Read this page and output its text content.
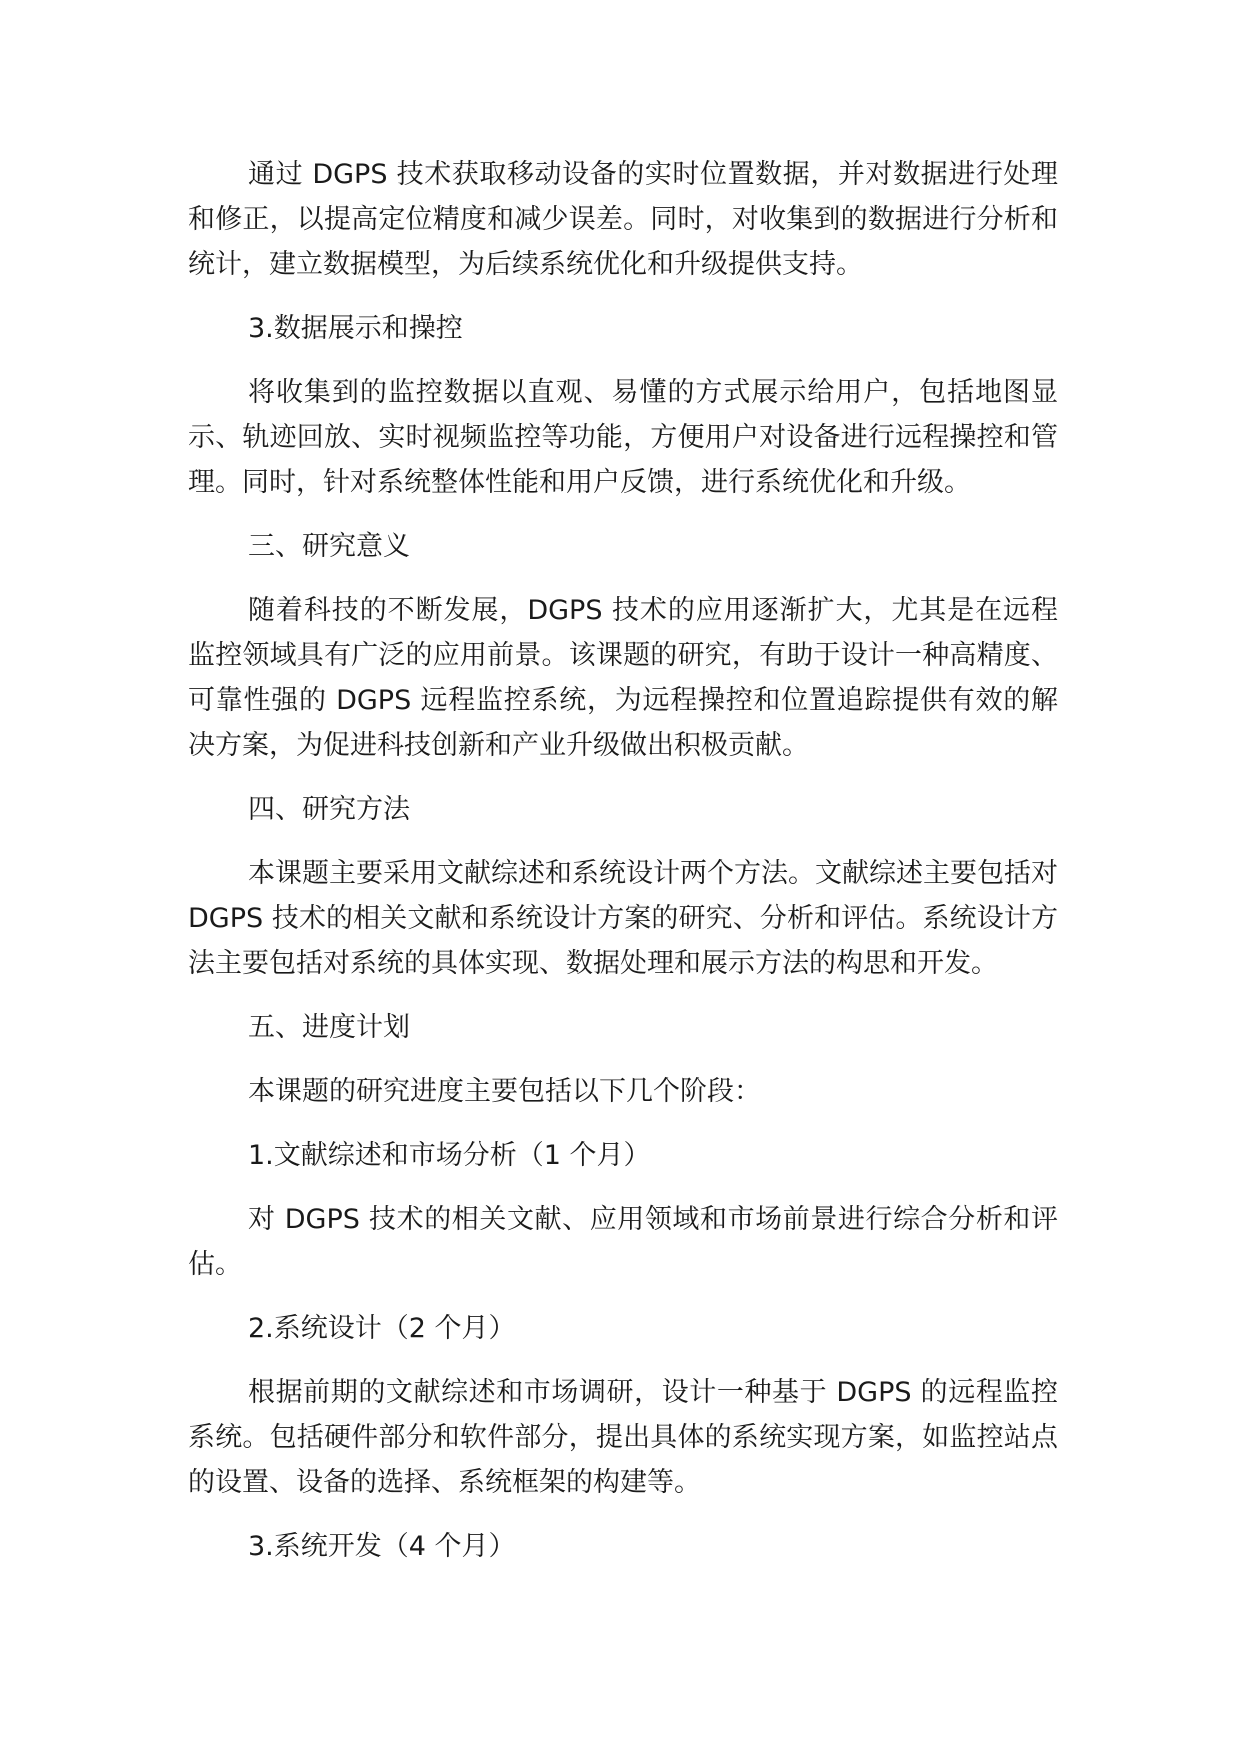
通过 DGPS 技术获取移动设备的实时位置数据，并对数据进行处理和修正，以提高定位精度和减少误差。同时，对收集到的数据进行分析和统计，建立数据模型，为后续系统优化和升级提供支持。

3.数据展示和操控

将收集到的监控数据以直观、易懂的方式展示给用户，包括地图显示、轨迹回放、实时视频监控等功能，方便用户对设备进行远程操控和管理。同时，针对系统整体性能和用户反馈，进行系统优化和升级。

三、研究意义

随着科技的不断发展，DGPS 技术的应用逐渐扩大，尤其是在远程监控领域具有广泛的应用前景。该课题的研究，有助于设计一种高精度、可靠性强的 DGPS 远程监控系统，为远程操控和位置追踪提供有效的解决方案，为促进科技创新和产业升级做出积极贡献。

四、研究方法

本课题主要采用文献综述和系统设计两个方法。文献综述主要包括对 DGPS 技术的相关文献和系统设计方案的研究、分析和评估。系统设计方法主要包括对系统的具体实现、数据处理和展示方法的构思和开发。

五、进度计划

本课题的研究进度主要包括以下几个阶段：

1.文献综述和市场分析（1 个月）

对 DGPS 技术的相关文献、应用领域和市场前景进行综合分析和评估。

2.系统设计（2 个月）

根据前期的文献综述和市场调研，设计一种基于 DGPS 的远程监控系统。包括硬件部分和软件部分，提出具体的系统实现方案，如监控站点的设置、设备的选择、系统框架的构建等。

3.系统开发（4 个月）
